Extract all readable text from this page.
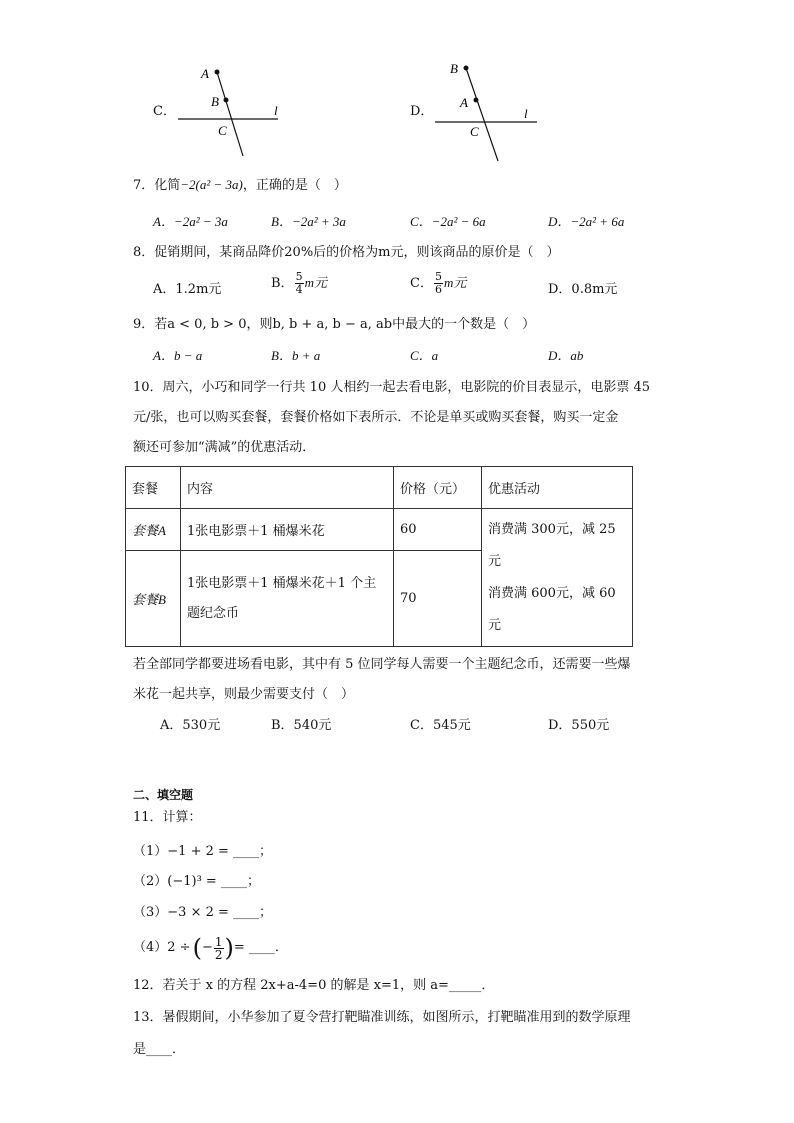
C．
A
B
C
l	D．
B
A
C
l
7．化简−2(a² − 3a)，正确的是（　）
A．−2a² − 3a	B．−2a² + 3a	C．−2a² − 6a	D．−2a² + 6a
8．促销期间，某商品降价20%后的价格为m元，则该商品的原价是（　）
A．1.2m元	B． $\frac{5}{4}$ m元	C． $\frac{5}{6}$ m元	D．0.8m元
9．若a < 0, b > 0，则b, b + a, b − a, ab中最大的一个数是（　）
A．b − a	B．b + a	C．a	D．ab
10．周六，小巧和同学一行共 10 人相约一起去看电影，电影院的价目表显示，电影票 45
元/张，也可以购买套餐，套餐价格如下表所示．不论是单买或购买套餐，购买一定金
额还可参加“满减”的优惠活动．
套餐	内容	价格（元）	优惠活动
套餐A	1张电影票＋1 桶爆米花	60	消费满 300元，减 25
元
消费满 600元，减 60
元

套餐B	1张电影票＋1 桶爆米花＋1 个主
题纪念币	70	
若全部同学都要进场看电影，其中有 5 位同学每人需要一个主题纪念币，还需要一些爆
米花一起共享，则最少需要支付（　）
A．530元	B．540元	C．545元	D．550元
二、填空题
11．计算：
（1）−1 + 2 = ____；
（2）(−1)³ = ____；
（3）−3 × 2 = ____；
（4）2 ÷ ( − $\frac{1}{2}$ ) = ____．
12．若关于 x 的方程 2x+a-4=0 的解是 x=1，则 a=_____．
13．暑假期间，小华参加了夏令营打靶瞄准训练，如图所示，打靶瞄准用到的数学原理
是____．
